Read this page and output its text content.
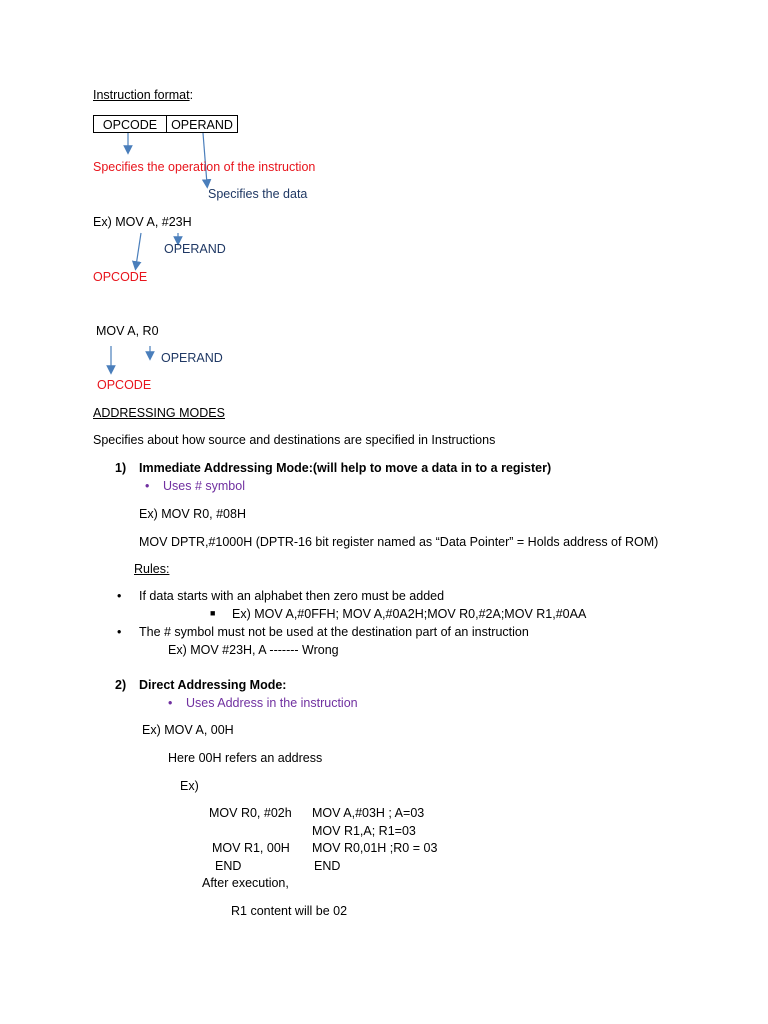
Instruction format:
OPCODE	OPERAND
Specifies the operation of the instruction
Specifies the data
Ex) MOV A, #23H
OPERAND
OPCODE
MOV A, R0
OPERAND
OPCODE
ADDRESSING MODES
Specifies about how source and destinations are specified in Instructions
1) Immediate Addressing Mode:(will help to move a data in to a register)
• Uses # symbol
Ex) MOV R0, #08H
MOV DPTR,#1000H (DPTR-16 bit register named as “Data Pointer” = Holds address of ROM)
Rules:
• If data starts with an alphabet then zero must be added
■ Ex) MOV A,#0FFH; MOV A,#0A2H;MOV R0,#2A;MOV R1,#0AA
• The # symbol must not be used at the destination part of an instruction
Ex) MOV #23H, A ------- Wrong
2) Direct Addressing Mode:
• Uses Address in the instruction
Ex) MOV A, 00H
Here 00H refers an address
Ex)
MOV R0, #02h MOV A,#03H ; A=03
MOV R1,A; R1=03
MOV R1, 00H MOV R0,01H ;R0 = 03
END	END
After execution,
R1 content will be 02
